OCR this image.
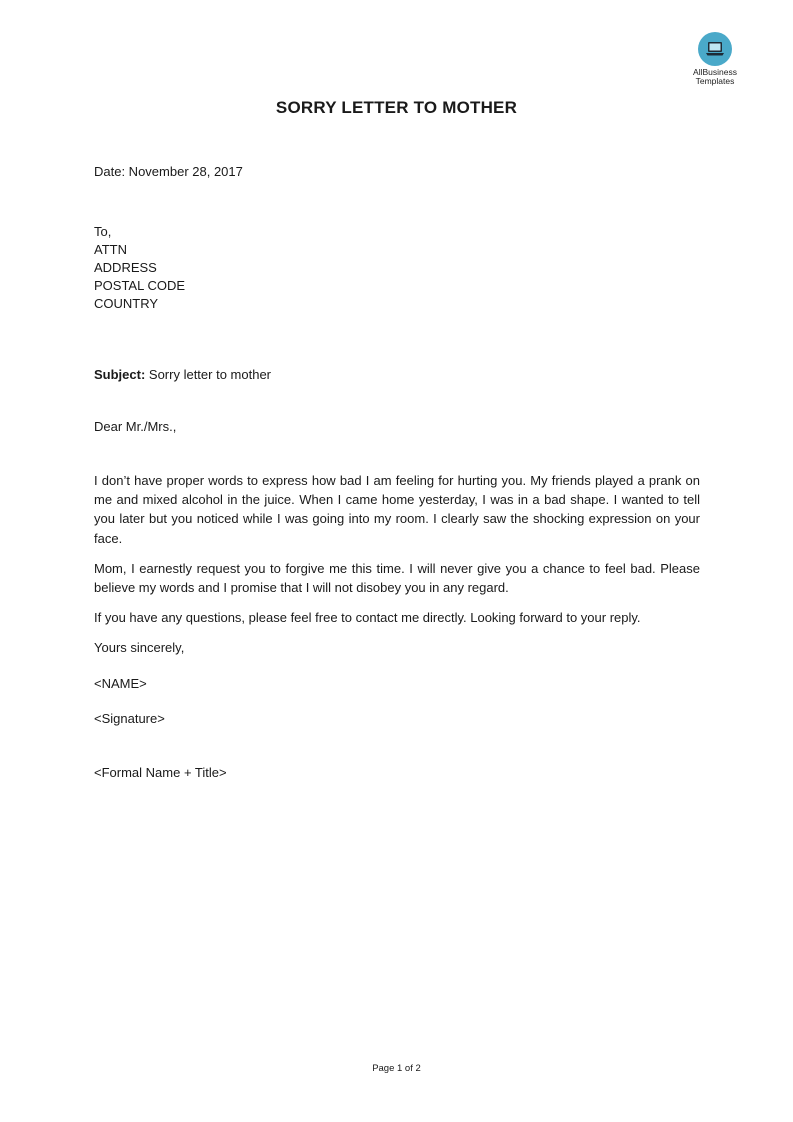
AllBusiness
Templates
SORRY LETTER TO MOTHER
Date: November 28, 2017
To,
ATTN
ADDRESS
POSTAL CODE
COUNTRY
Subject: Sorry letter to mother
Dear Mr./Mrs.,
I don’t have proper words to express how bad I am feeling for hurting you. My friends played a prank on me and mixed alcohol in the juice. When I came home yesterday, I was in a bad shape. I wanted to tell you later but you noticed while I was going into my room. I clearly saw the shocking expression on your face.
Mom, I earnestly request you to forgive me this time. I will never give you a chance to feel bad. Please believe my words and I promise that I will not disobey you in any regard.
If you have any questions, please feel free to contact me directly. Looking forward to your reply.
Yours sincerely,
<NAME>
<Signature>
<Formal Name + Title>
Page 1 of 2
